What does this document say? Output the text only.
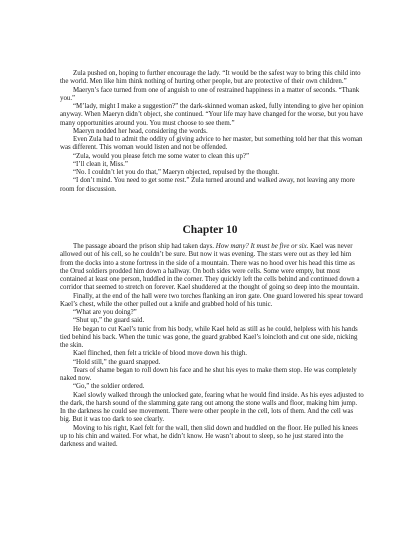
Zula pushed on, hoping to further encourage the lady. “It would be the safest way to bring this child into the world. Men like him think nothing of hurting other people, but are protective of their own children.”

Maeryn’s face turned from one of anguish to one of restrained happiness in a matter of seconds. “Thank you.”

“M’lady, might I make a suggestion?” the dark-skinned woman asked, fully intending to give her opinion anyway. When Maeryn didn’t object, she continued. “Your life may have changed for the worse, but you have many opportunities around you. You must choose to see them.”

Maeryn nodded her head, considering the words.

Even Zula had to admit the oddity of giving advice to her master, but something told her that this woman was different. This woman would listen and not be offended.

“Zula, would you please fetch me some water to clean this up?”

“I’ll clean it, Miss.”

“No. I couldn’t let you do that,” Maeryn objected, repulsed by the thought.

“I don’t mind. You need to get some rest.” Zula turned around and walked away, not leaving any more room for discussion.

Chapter 10

The passage aboard the prison ship had taken days. How many? It must be five or six. Kael was never allowed out of his cell, so he couldn’t be sure. But now it was evening. The stars were out as they led him from the docks into a stone fortress in the side of a mountain. There was no hood over his head this time as the Orud soldiers prodded him down a hallway. On both sides were cells. Some were empty, but most contained at least one person, huddled in the corner. They quickly left the cells behind and continued down a corridor that seemed to stretch on forever. Kael shuddered at the thought of going so deep into the mountain.

Finally, at the end of the hall were two torches flanking an iron gate. One guard lowered his spear toward Kael’s chest, while the other pulled out a knife and grabbed hold of his tunic.

“What are you doing?”

“Shut up,” the guard said.

He began to cut Kael’s tunic from his body, while Kael held as still as he could, helpless with his hands tied behind his back. When the tunic was gone, the guard grabbed Kael’s loincloth and cut one side, nicking the skin.

Kael flinched, then felt a trickle of blood move down his thigh.

“Hold still,” the guard snapped.

Tears of shame began to roll down his face and he shut his eyes to make them stop. He was completely naked now.

“Go,” the soldier ordered.

Kael slowly walked through the unlocked gate, fearing what he would find inside. As his eyes adjusted to the dark, the harsh sound of the slamming gate rang out among the stone walls and floor, making him jump. In the darkness he could see movement. There were other people in the cell, lots of them. And the cell was big. But it was too dark to see clearly.

Moving to his right, Kael felt for the wall, then slid down and huddled on the floor. He pulled his knees up to his chin and waited. For what, he didn’t know. He wasn’t about to sleep, so he just stared into the darkness and waited.
